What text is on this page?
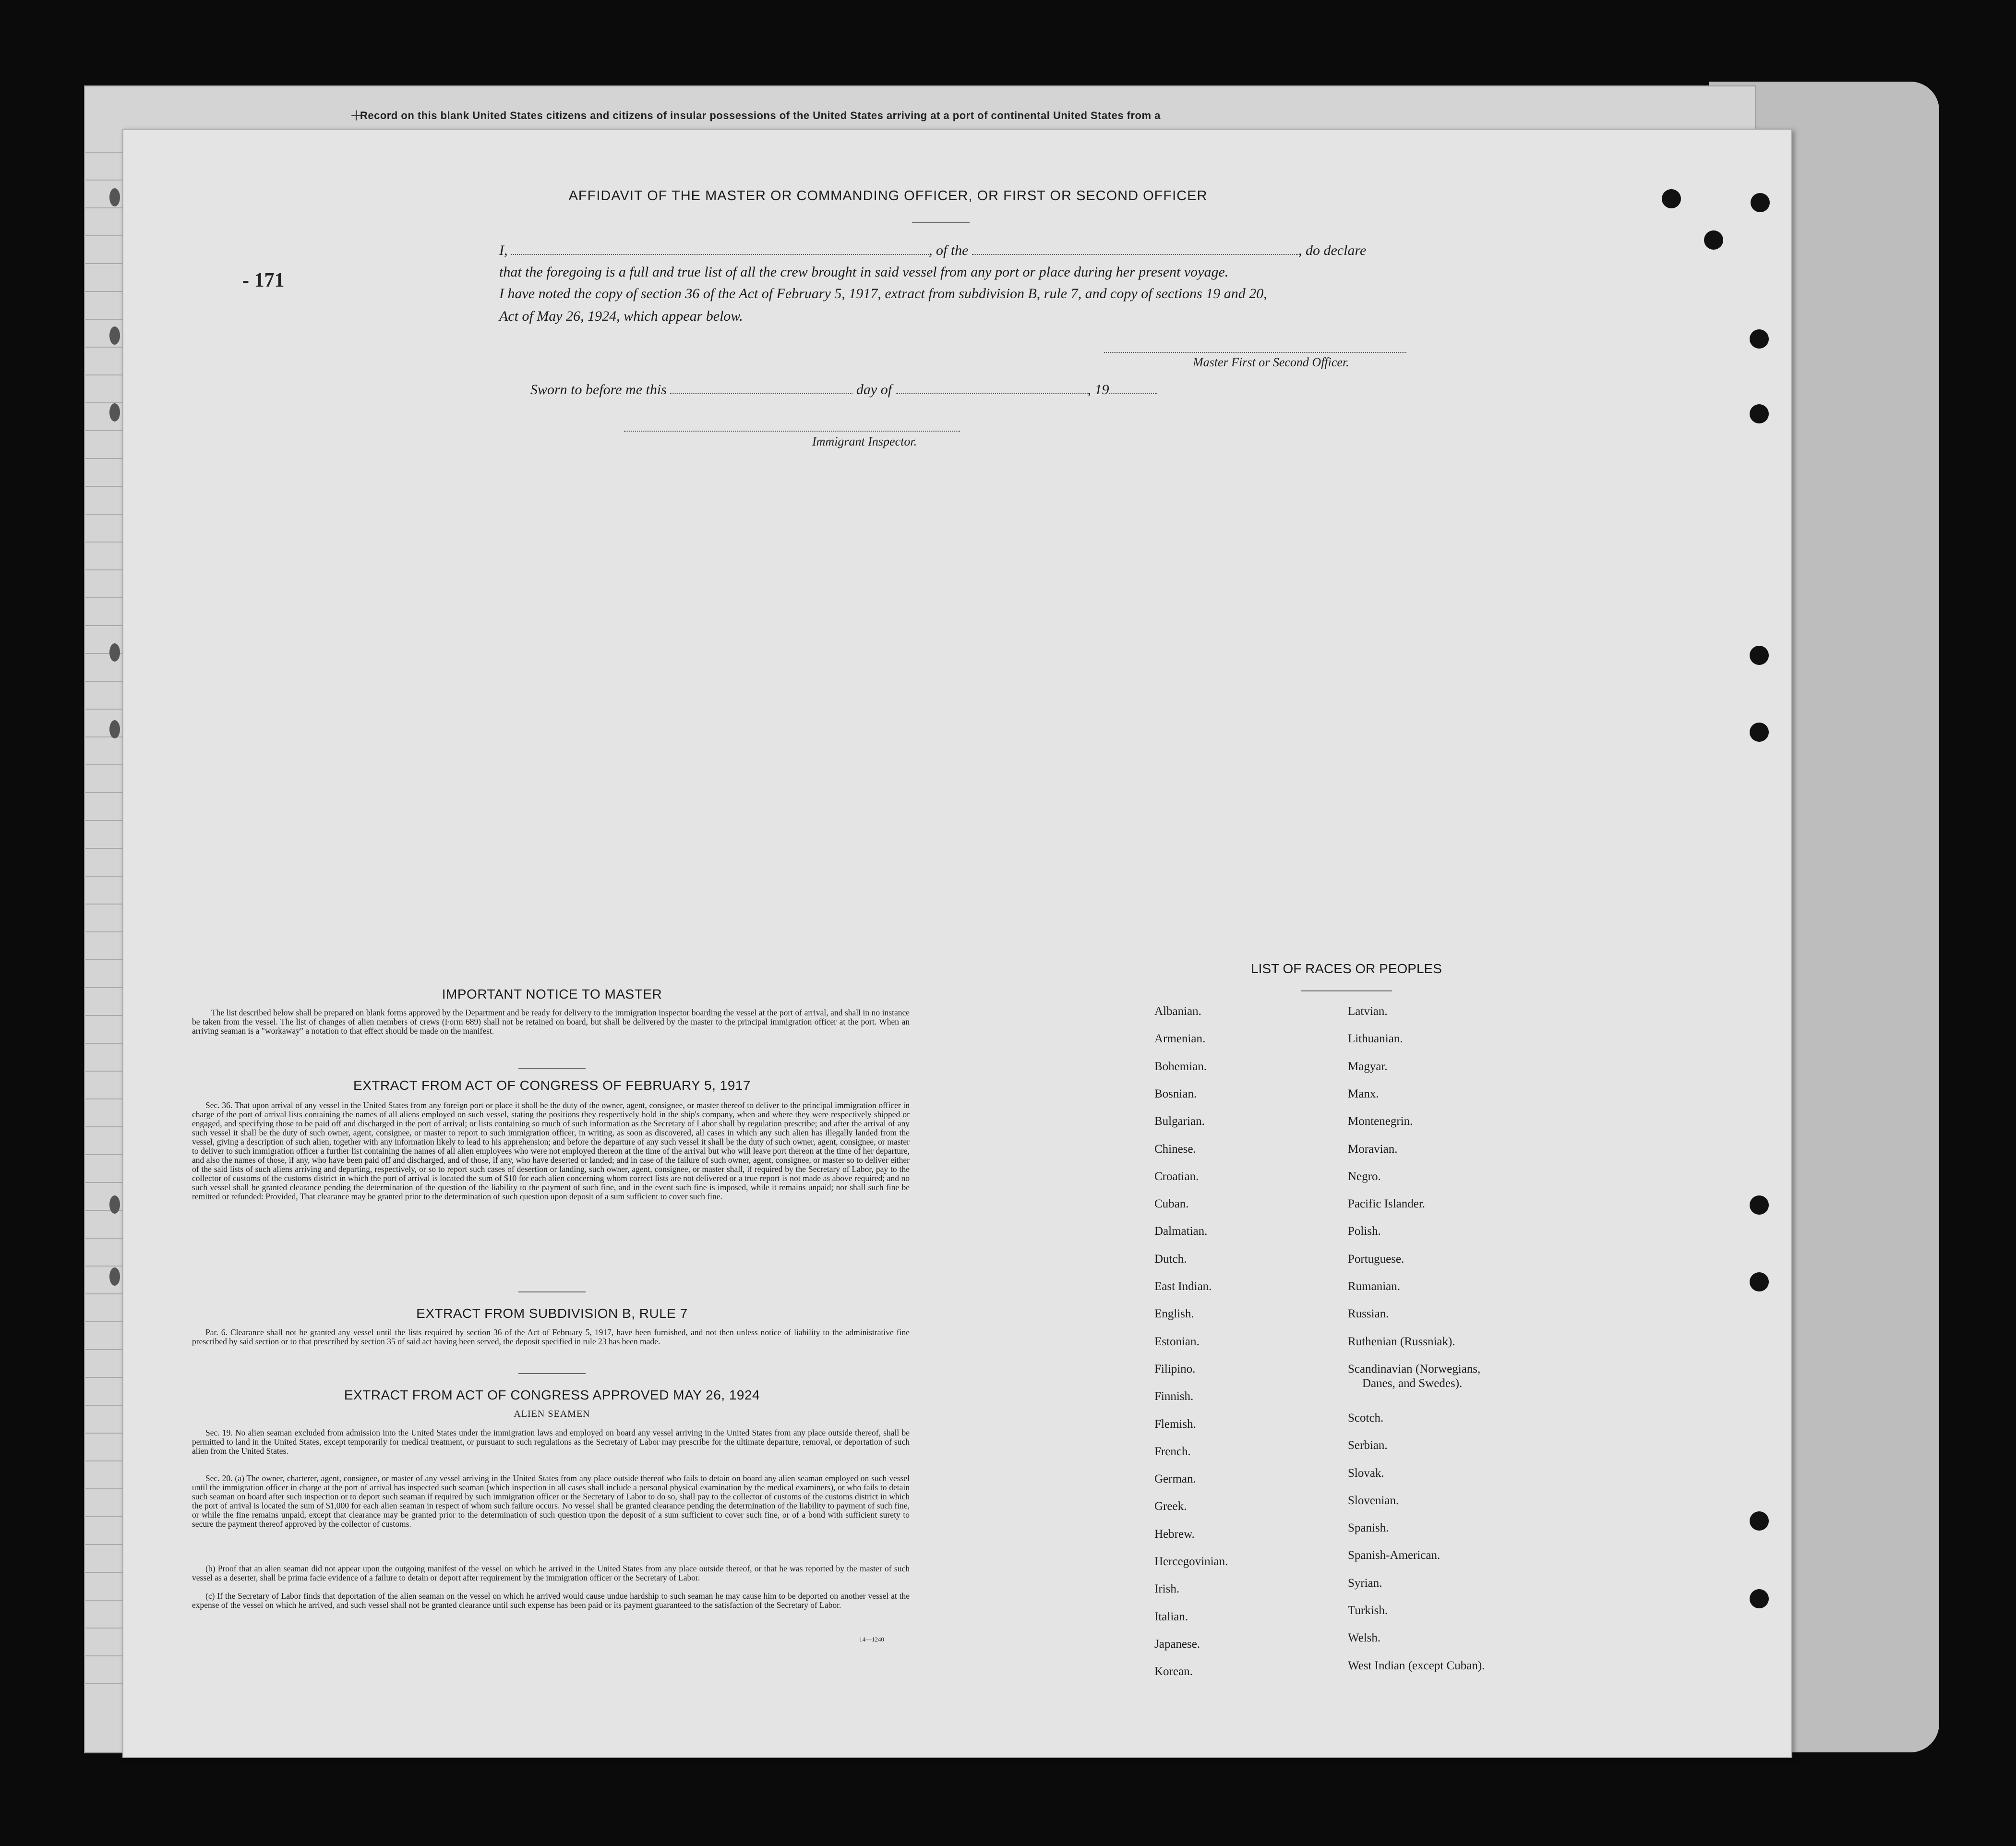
+
Record on this blank United States citizens and citizens of insular possessions of the United States arriving at a port of continental United States from a
- 171
AFFIDAVIT OF THE MASTER OR COMMANDING OFFICER, OR FIRST OR SECOND OFFICER
I,	, of the	, do declare
that the foregoing is a full and true list of all the crew brought in said vessel from any port or place during her present voyage.
I have noted the copy of section 36 of the Act of February 5, 1917, extract from subdivision B, rule 7, and copy of sections 19 and 20,
Act of May 26, 1924, which appear below.
Master First or Second Officer.
Sworn to before me this	day of	, 19
Immigrant Inspector.
IMPORTANT NOTICE TO MASTER
The list described below shall be prepared on blank forms approved by the Department and be ready for delivery to the immigration inspector boarding the vessel at the port of arrival, and shall in no instance be taken from the vessel. The list of changes of alien members of crews (Form 689) shall not be retained on board, but shall be delivered by the master to the principal immigration officer at the port. When an arriving seaman is a "workaway" a notation to that effect should be made on the manifest.
EXTRACT FROM ACT OF CONGRESS OF FEBRUARY 5, 1917
Sec. 36. That upon arrival of any vessel in the United States from any foreign port or place it shall be the duty of the owner, agent, consignee, or master thereof to deliver to the principal immigration officer in charge of the port of arrival lists containing the names of all aliens employed on such vessel, stating the positions they respectively hold in the ship's company, when and where they were respectively shipped or engaged, and specifying those to be paid off and discharged in the port of arrival; or lists containing so much of such information as the Secretary of Labor shall by regulation prescribe; and after the arrival of any such vessel it shall be the duty of such owner, agent, consignee, or master to report to such immigration officer, in writing, as soon as discovered, all cases in which any such alien has illegally landed from the vessel, giving a description of such alien, together with any information likely to lead to his apprehension; and before the departure of any such vessel it shall be the duty of such owner, agent, consignee, or master to deliver to such immigration officer a further list containing the names of all alien employees who were not employed thereon at the time of the arrival but who will leave port thereon at the time of her departure, and also the names of those, if any, who have been paid off and discharged, and of those, if any, who have deserted or landed; and in case of the failure of such owner, agent, consignee, or master so to deliver either of the said lists of such aliens arriving and departing, respectively, or so to report such cases of desertion or landing, such owner, agent, consignee, or master shall, if required by the Secretary of Labor, pay to the collector of customs of the customs district in which the port of arrival is located the sum of $10 for each alien concerning whom correct lists are not delivered or a true report is not made as above required; and no such vessel shall be granted clearance pending the determination of the question of the liability to the payment of such fine, and in the event such fine is imposed, while it remains unpaid; nor shall such fine be remitted or refunded: Provided, That clearance may be granted prior to the determination of such question upon deposit of a sum sufficient to cover such fine.
EXTRACT FROM SUBDIVISION B, RULE 7
Par. 6. Clearance shall not be granted any vessel until the lists required by section 36 of the Act of February 5, 1917, have been furnished, and not then unless notice of liability to the administrative fine prescribed by said section or to that prescribed by section 35 of said act having been served, the deposit specified in rule 23 has been made.
EXTRACT FROM ACT OF CONGRESS APPROVED MAY 26, 1924
ALIEN SEAMEN
Sec. 19. No alien seaman excluded from admission into the United States under the immigration laws and employed on board any vessel arriving in the United States from any place outside thereof, shall be permitted to land in the United States, except temporarily for medical treatment, or pursuant to such regulations as the Secretary of Labor may prescribe for the ultimate departure, removal, or deportation of such alien from the United States.
Sec. 20. (a) The owner, charterer, agent, consignee, or master of any vessel arriving in the United States from any place outside thereof who fails to detain on board any alien seaman employed on such vessel until the immigration officer in charge at the port of arrival has inspected such seaman (which inspection in all cases shall include a personal physical examination by the medical examiners), or who fails to detain such seaman on board after such inspection or to deport such seaman if required by such immigration officer or the Secretary of Labor to do so, shall pay to the collector of customs of the customs district in which the port of arrival is located the sum of $1,000 for each alien seaman in respect of whom such failure occurs. No vessel shall be granted clearance pending the determination of the liability to payment of such fine, or while the fine remains unpaid, except that clearance may be granted prior to the determination of such question upon the deposit of a sum sufficient to cover such fine, or of a bond with sufficient surety to secure the payment thereof approved by the collector of customs.
(b) Proof that an alien seaman did not appear upon the outgoing manifest of the vessel on which he arrived in the United States from any place outside thereof, or that he was reported by the master of such vessel as a deserter, shall be prima facie evidence of a failure to detain or deport after requirement by the immigration officer or the Secretary of Labor.
(c) If the Secretary of Labor finds that deportation of the alien seaman on the vessel on which he arrived would cause undue hardship to such seaman he may cause him to be deported on another vessel at the expense of the vessel on which he arrived, and such vessel shall not be granted clearance until such expense has been paid or its payment guaranteed to the satisfaction of the Secretary of Labor.
14—1240
LIST OF RACES OR PEOPLES
Albanian.
Armenian.
Bohemian.
Bosnian.
Bulgarian.
Chinese.
Croatian.
Cuban.
Dalmatian.
Dutch.
East Indian.
English.
Estonian.
Filipino.
Finnish.
Flemish.
French.
German.
Greek.
Hebrew.
Hercegovinian.
Irish.
Italian.
Japanese.
Korean.
Latvian.
Lithuanian.
Magyar.
Manx.
Montenegrin.
Moravian.
Negro.
Pacific Islander.
Polish.
Portuguese.
Rumanian.
Russian.
Ruthenian (Russniak).
Scandinavian (Norwegians,
Danes, and Swedes).
Scotch.
Serbian.
Slovak.
Slovenian.
Spanish.
Spanish-American.
Syrian.
Turkish.
Welsh.
West Indian (except Cuban).
